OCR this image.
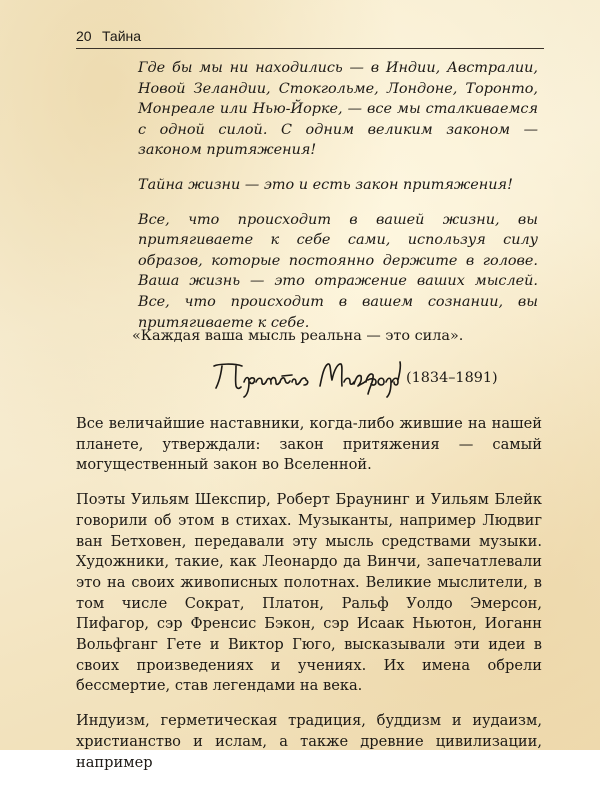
20 Тайна

Где бы мы ни находились — в Индии, Австралии, Новой Зеландии, Стокгольме, Лондоне, Торонто, Монреале или Нью-Йорке, — все мы сталкиваемся с одной силой. С одним великим законом — законом притяжения!

Тайна жизни — это и есть закон притяжения!

Все, что происходит в вашей жизни, вы притягиваете к себе сами, используя силу образов, которые постоянно держите в голове. Ваша жизнь — это отражение ваших мыслей. Все, что происходит в вашем сознании, вы притягиваете к себе.

«Каждая ваша мысль реальна — это сила».
(1834–1891)

Все величайшие наставники, когда-либо жившие на нашей планете, утверждали: закон притяжения — самый могущественный закон во Вселенной.

Поэты Уильям Шекспир, Роберт Браунинг и Уильям Блейк говорили об этом в стихах. Музыканты, например Людвиг ван Бетховен, передавали эту мысль средствами музыки. Художники, такие, как Леонардо да Винчи, запечатлевали это на своих живописных полотнах. Великие мыслители, в том числе Сократ, Платон, Ральф Уолдо Эмерсон, Пифагор, сэр Френсис Бэкон, сэр Исаак Ньютон, Иоганн Вольфганг Гете и Виктор Гюго, высказывали эти идеи в своих произведениях и учениях. Их имена обрели бессмертие, став легендами на века.

Индуизм, герметическая традиция, буддизм и иудаизм, христианство и ислам, а также древние цивилизации, например
